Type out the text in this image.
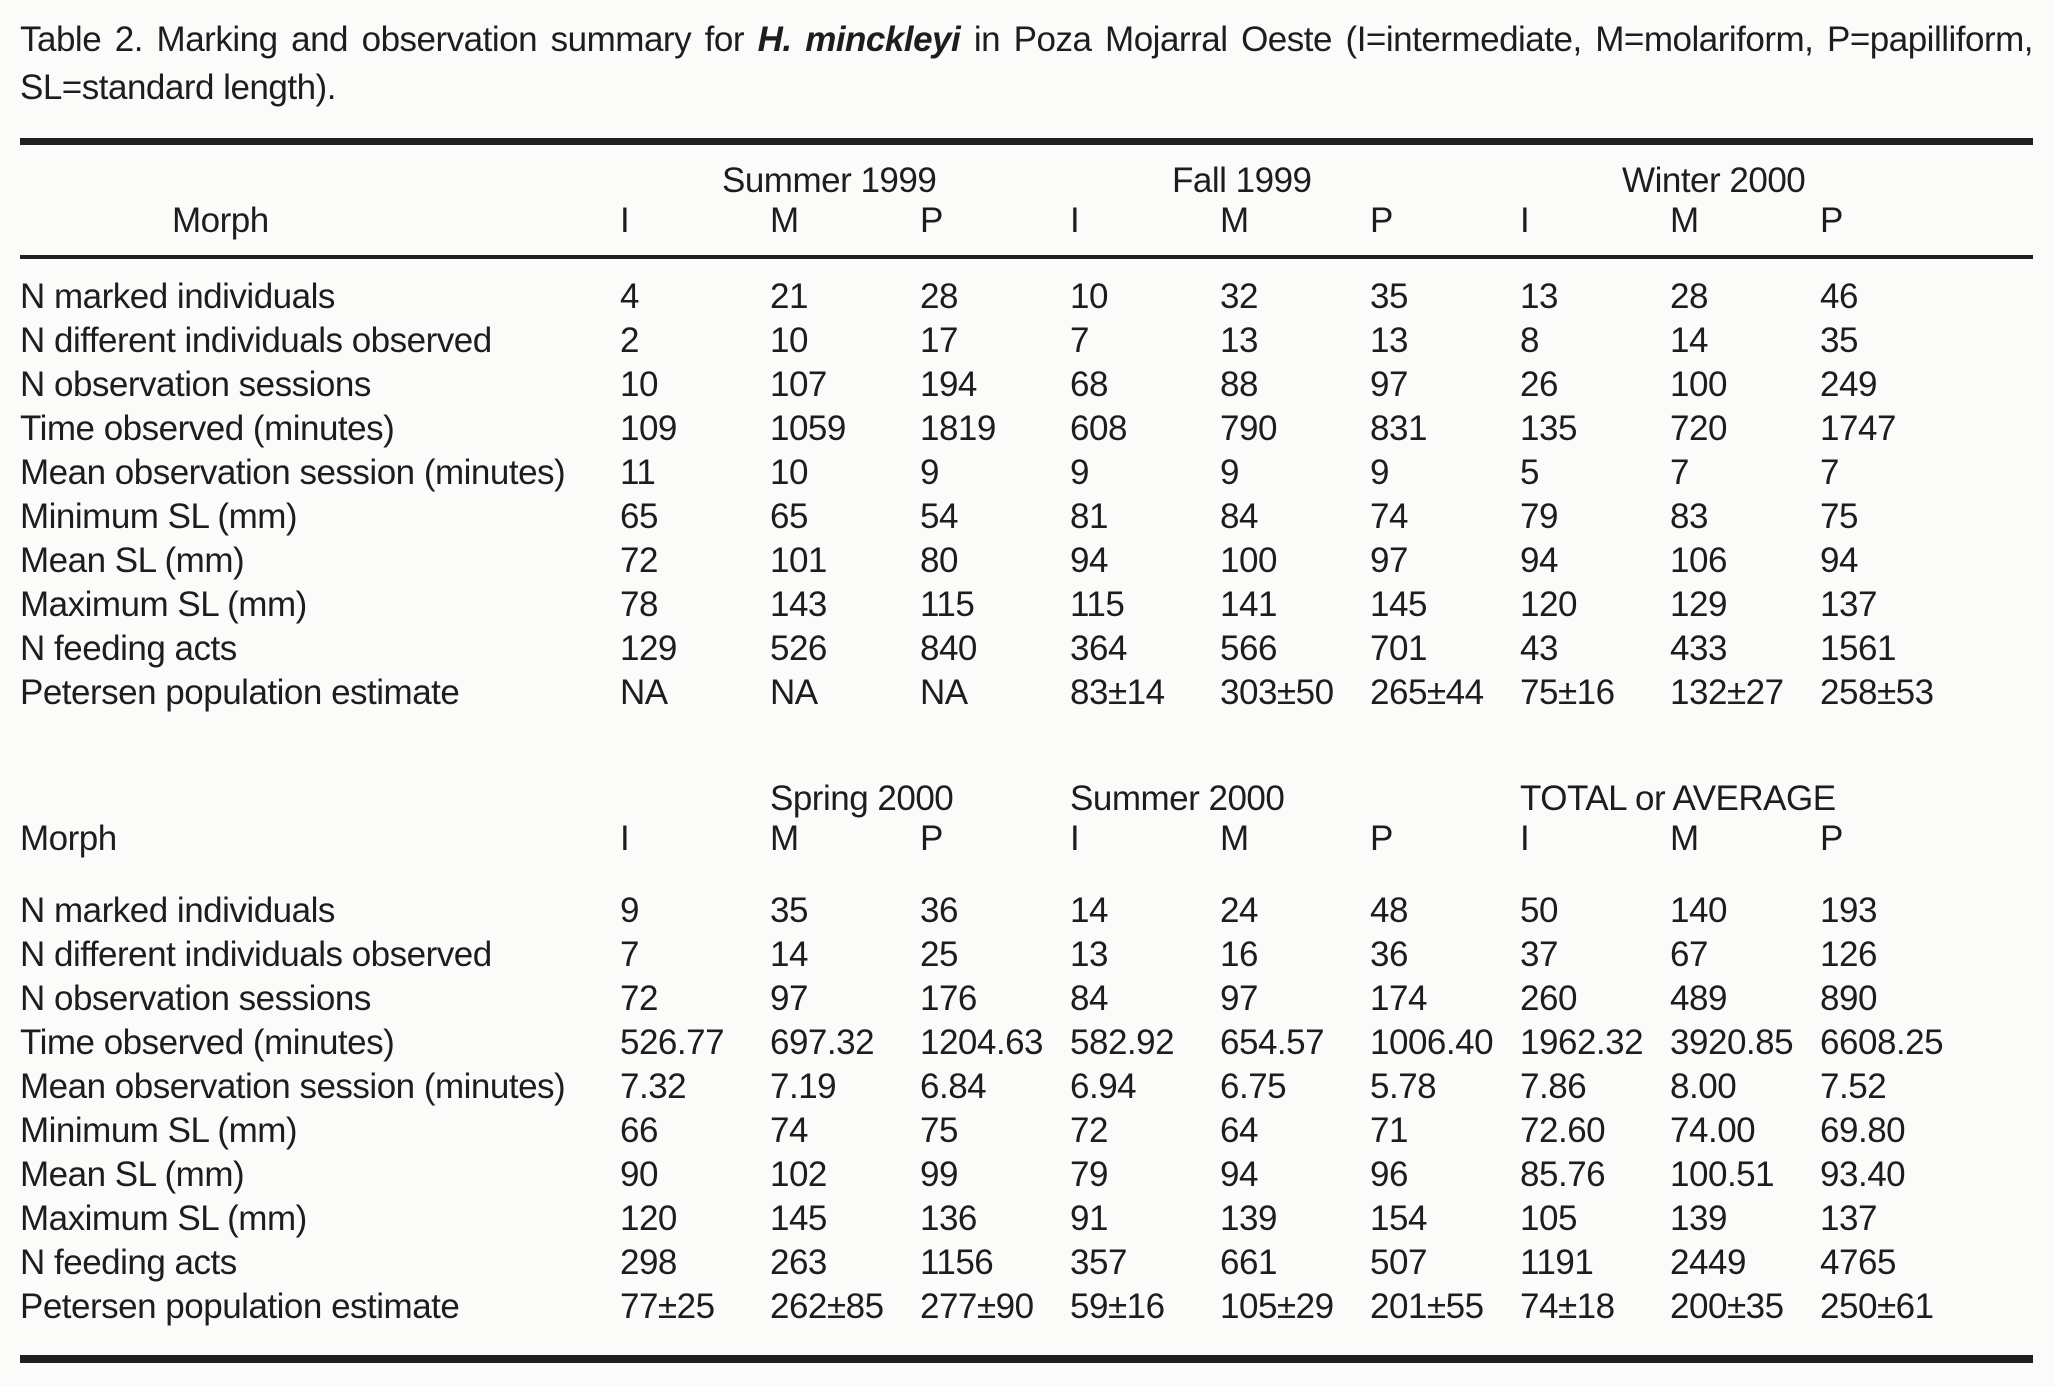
Table 2. Marking and observation summary for H. minckleyi in Poza Mojarral Oeste (I=intermediate, M=molariform, P=papilliform, SL=standard length).

	Summer 1999			Fall 1999			Winter 2000		
Morph	I	M	P	I	M	P	I	M	P
N marked individuals	4	21	28	10	32	35	13	28	46
N different individuals observed	2	10	17	7	13	13	8	14	35
N observation sessions	10	107	194	68	88	97	26	100	249
Time observed (minutes)	109	1059	1819	608	790	831	135	720	1747
Mean observation session (minutes)	11	10	9	9	9	9	5	7	7
Minimum SL (mm)	65	65	54	81	84	74	79	83	75
Mean SL (mm)	72	101	80	94	100	97	94	106	94
Maximum SL (mm)	78	143	115	115	141	145	120	129	137
N feeding acts	129	526	840	364	566	701	43	433	1561
Petersen population estimate	NA	NA	NA	83±14	303±50	265±44	75±16	132±27	258±53

	Spring 2000			Summer 2000			TOTAL or AVERAGE		
Morph	I	M	P	I	M	P	I	M	P
N marked individuals	9	35	36	14	24	48	50	140	193
N different individuals observed	7	14	25	13	16	36	37	67	126
N observation sessions	72	97	176	84	97	174	260	489	890
Time observed (minutes)	526.77	697.32	1204.63	582.92	654.57	1006.40	1962.32	3920.85	6608.25
Mean observation session (minutes)	7.32	7.19	6.84	6.94	6.75	5.78	7.86	8.00	7.52
Minimum SL (mm)	66	74	75	72	64	71	72.60	74.00	69.80
Mean SL (mm)	90	102	99	79	94	96	85.76	100.51	93.40
Maximum SL (mm)	120	145	136	91	139	154	105	139	137
N feeding acts	298	263	1156	357	661	507	1191	2449	4765
Petersen population estimate	77±25	262±85	277±90	59±16	105±29	201±55	74±18	200±35	250±61
